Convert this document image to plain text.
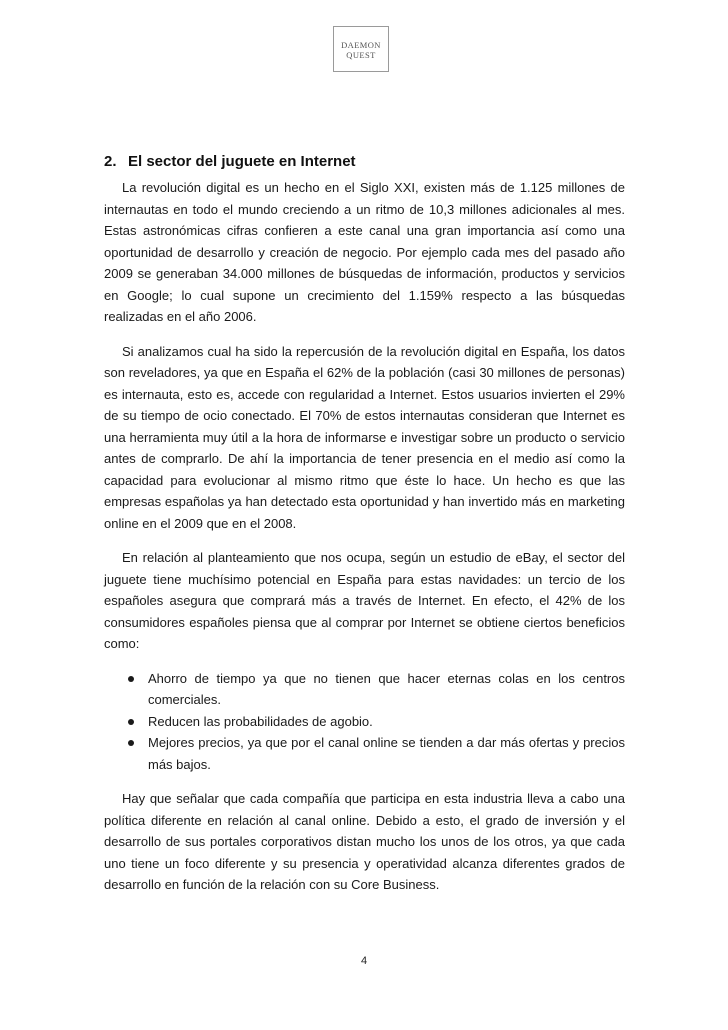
DAEMON
QUEST
2. El sector del juguete en Internet

La revolución digital es un hecho en el Siglo XXI, existen más de 1.125 millones de internautas en todo el mundo creciendo a un ritmo de 10,3 millones adicionales al mes. Estas astronómicas cifras confieren a este canal una gran importancia así como una oportunidad de desarrollo y creación de negocio. Por ejemplo cada mes del pasado año 2009 se generaban 34.000 millones de búsquedas de información, productos y servicios en Google; lo cual supone un crecimiento del 1.159% respecto a las búsquedas realizadas en el año 2006.

Si analizamos cual ha sido la repercusión de la revolución digital en España, los datos son reveladores, ya que en España el 62% de la población (casi 30 millones de personas) es internauta, esto es, accede con regularidad a Internet. Estos usuarios invierten el 29% de su tiempo de ocio conectado. El 70% de estos internautas consideran que Internet es una herramienta muy útil a la hora de informarse e investigar sobre un producto o servicio antes de comprarlo. De ahí la importancia de tener presencia en el medio así como la capacidad para evolucionar al mismo ritmo que éste lo hace. Un hecho es que las empresas españolas ya han detectado esta oportunidad y han invertido más en marketing online en el 2009 que en el 2008.

En relación al planteamiento que nos ocupa, según un estudio de eBay, el sector del juguete tiene muchísimo potencial en España para estas navidades: un tercio de los españoles asegura que comprará más a través de Internet. En efecto, el 42% de los consumidores españoles piensa que al comprar por Internet se obtiene ciertos beneficios como:

Ahorro de tiempo ya que no tienen que hacer eternas colas en los centros comerciales.
Reducen las probabilidades de agobio.
Mejores precios, ya que por el canal online se tienden a dar más ofertas y precios más bajos.

Hay que señalar que cada compañía que participa en esta industria lleva a cabo una política diferente en relación al canal online. Debido a esto, el grado de inversión y el desarrollo de sus portales corporativos distan mucho los unos de los otros, ya que cada uno tiene un foco diferente y su presencia y operatividad alcanza diferentes grados de desarrollo en función de la relación con su Core Business.

4
